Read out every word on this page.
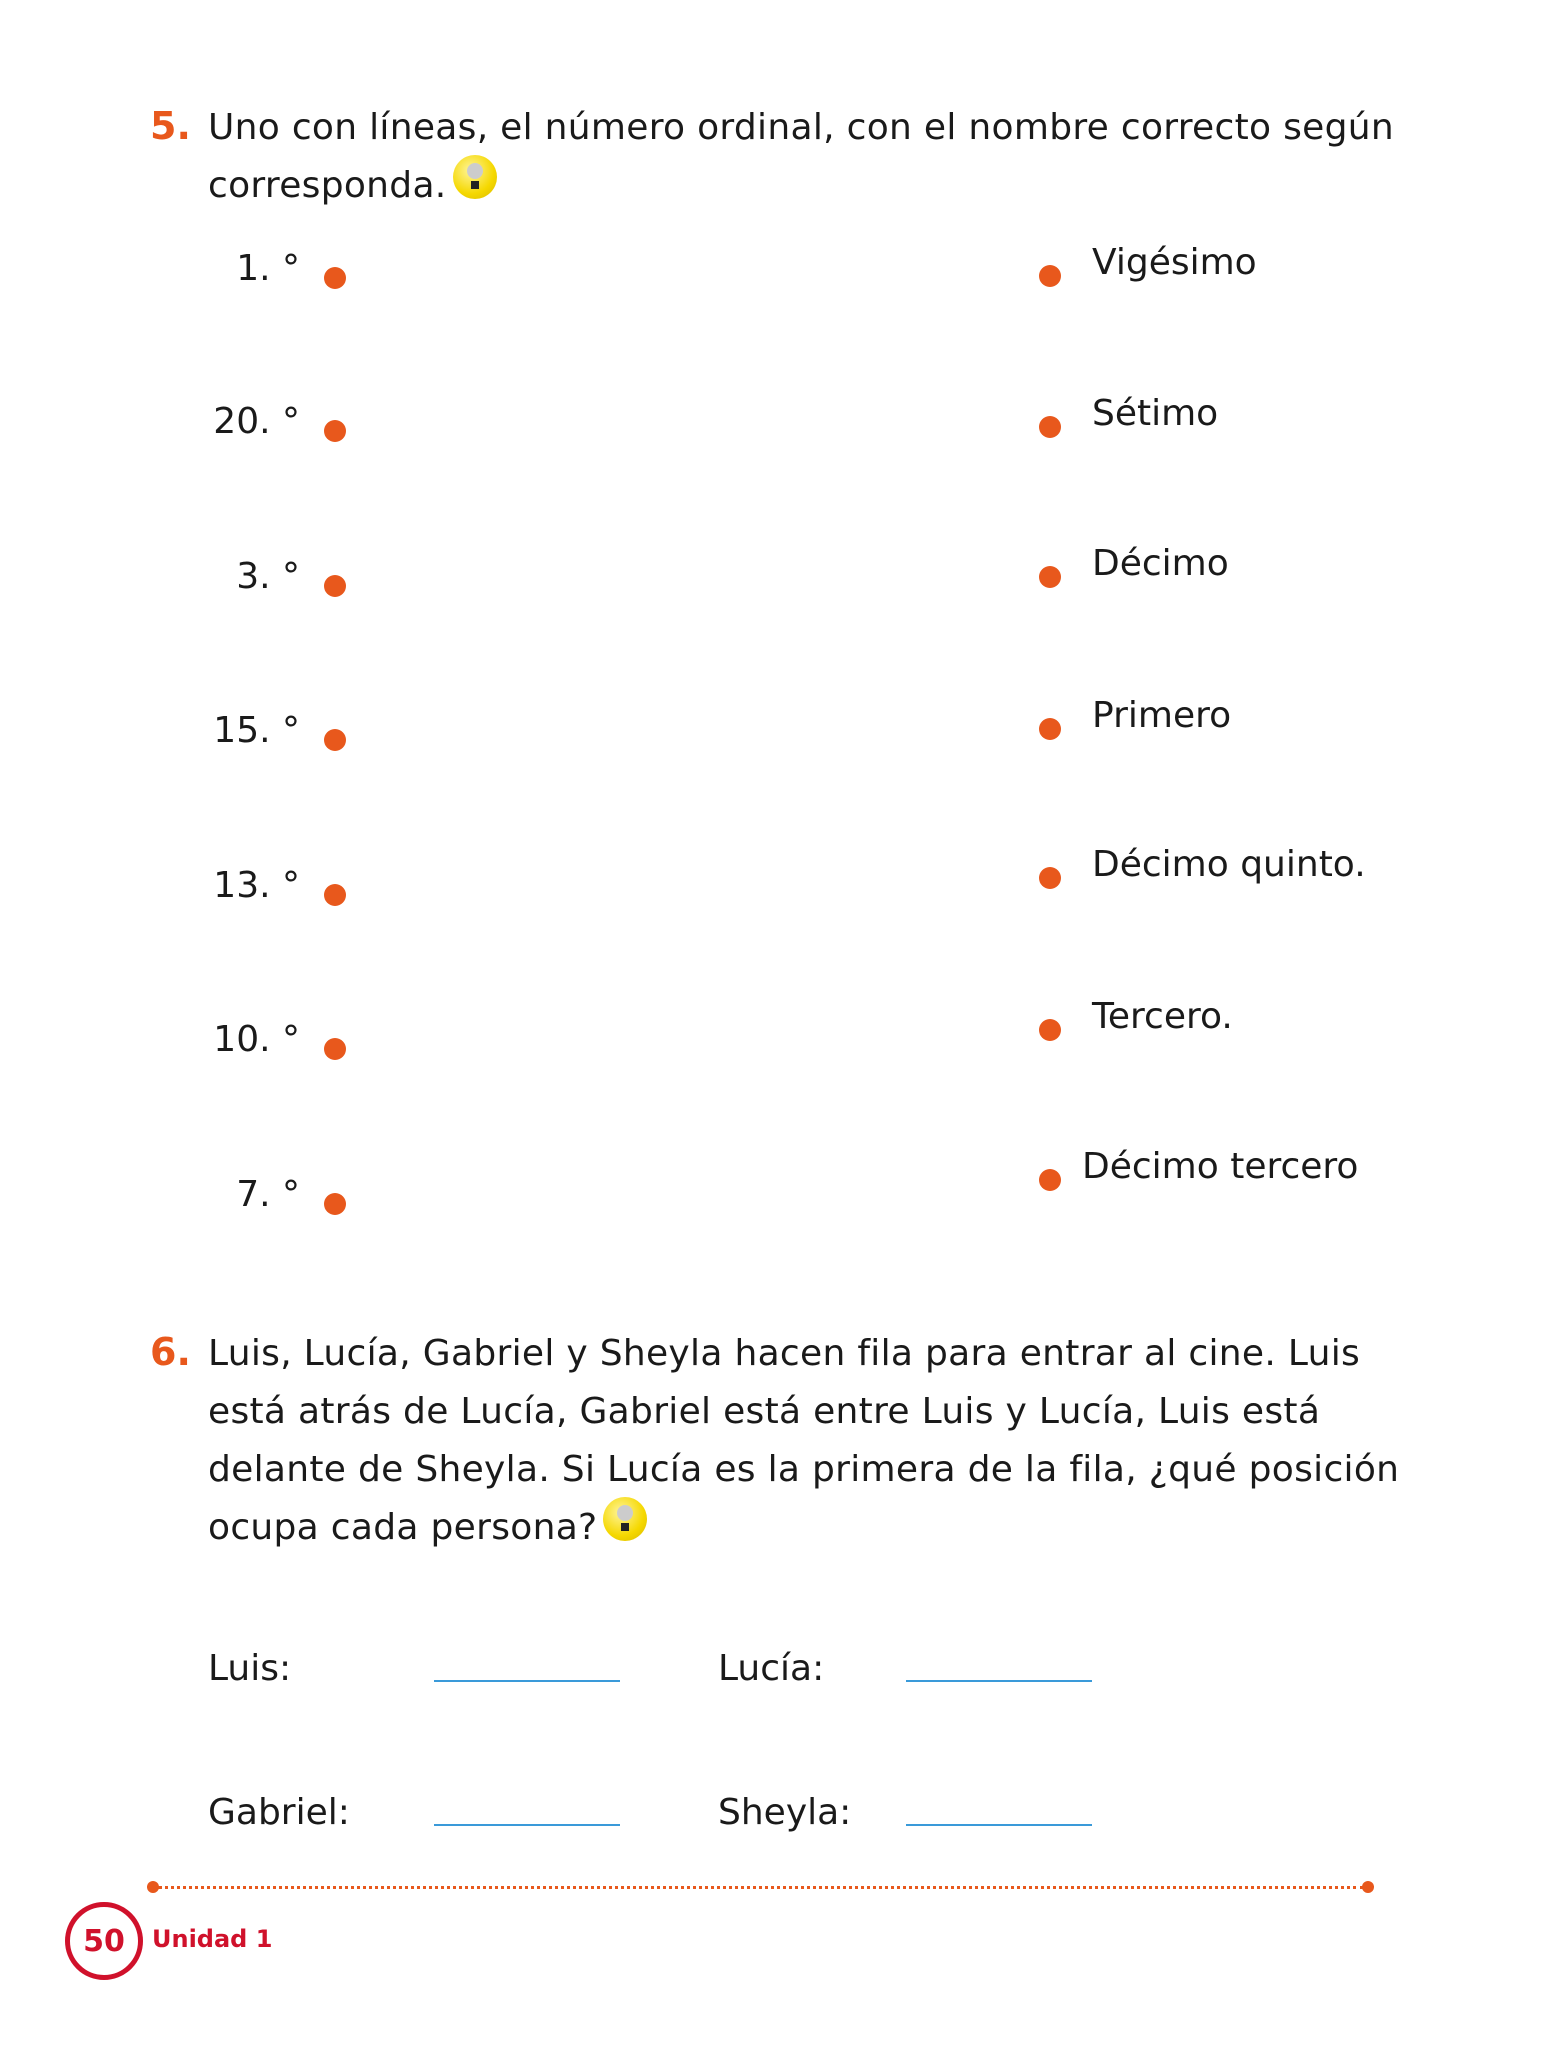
5. Uno con líneas, el número ordinal, con el nombre correcto según
corresponda.
1. °
20. °
3. °
15. °
13. °
10. °
7. °
Vigésimo
Sétimo
Décimo
Primero
Décimo quinto.
Tercero.
Décimo tercero
6. Luis, Lucía, Gabriel y Sheyla hacen fila para entrar al cine. Luis
está atrás de Lucía, Gabriel está entre Luis y Lucía, Luis está
delante de Sheyla. Si Lucía es la primera de la fila, ¿qué posición
ocupa cada persona?
Luis:	Lucía:
Gabriel:	Sheyla:
50 Unidad 1
